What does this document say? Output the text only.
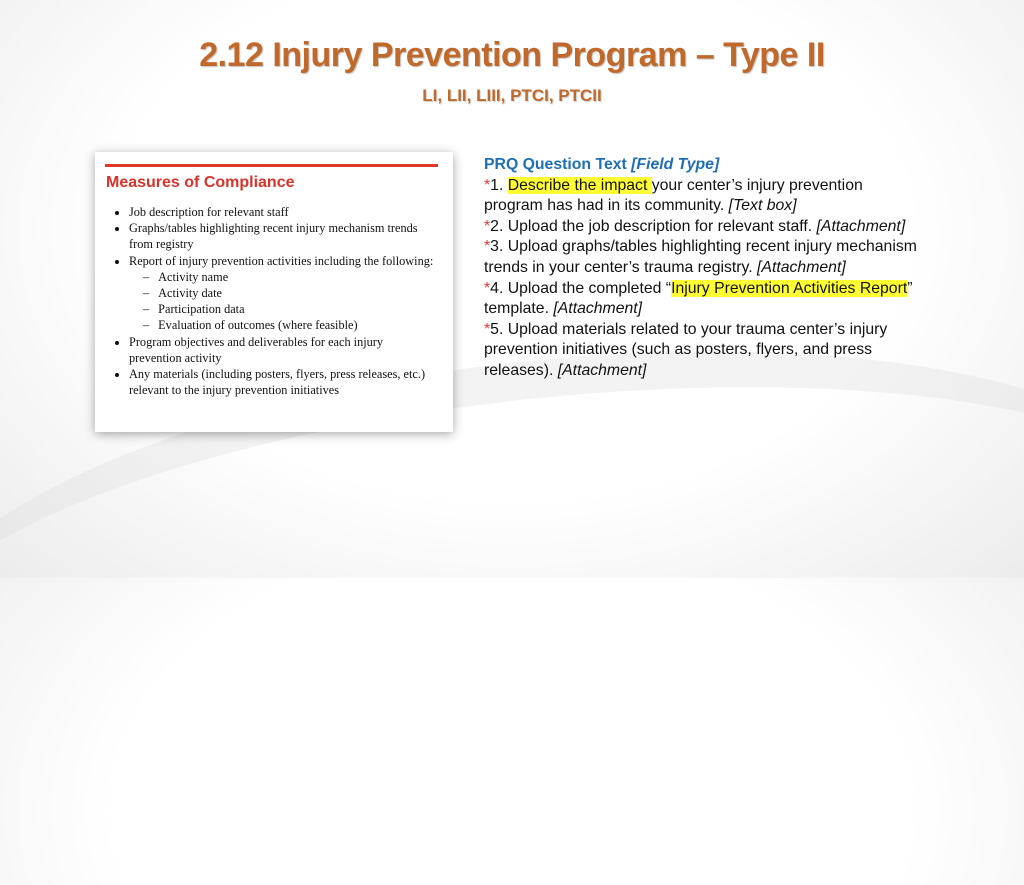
2.12 Injury Prevention Program – Type II
LI, LII, LIII, PTCI, PTCII
Measures of Compliance
• Job description for relevant staff
• Graphs/tables highlighting recent injury mechanism trends from registry
• Report of injury prevention activities including the following:
– Activity name
– Activity date
– Participation data
– Evaluation of outcomes (where feasible)
• Program objectives and deliverables for each injury prevention activity
• Any materials (including posters, flyers, press releases, etc.) relevant to the injury prevention initiatives
PRQ Question Text [Field Type]
*1. Describe the impact your center’s injury prevention program has had in its community. [Text box]
*2. Upload the job description for relevant staff. [Attachment]
*3. Upload graphs/tables highlighting recent injury mechanism trends in your center’s trauma registry. [Attachment]
*4. Upload the completed “Injury Prevention Activities Report” template. [Attachment]
*5. Upload materials related to your trauma center’s injury prevention initiatives (such as posters, flyers, and press releases). [Attachment]
